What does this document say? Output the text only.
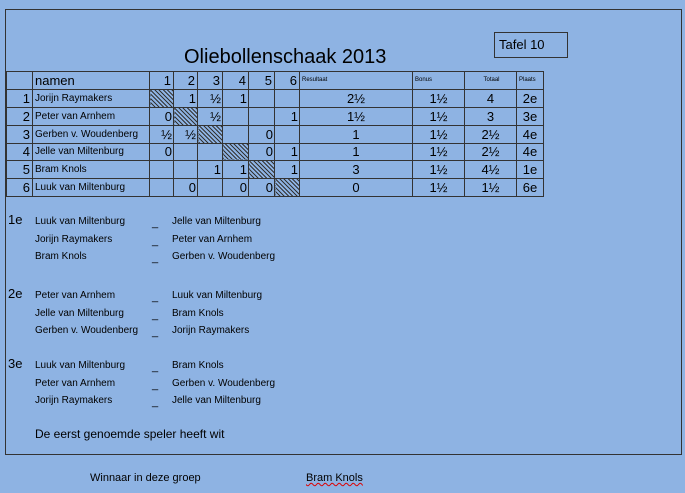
Oliebollenschaak 2013
Tafel 10
	namen	1	2	3	4	5	6	Resultaat	Bonus	Totaal	Plaats
1	Jorijn Raymakers		1	½	1			2½	1½	4	2e
2	Peter van Arnhem	0		½			1	1½	1½	3	3e
3	Gerben v. Woudenberg	½	½			0		1	1½	2½	4e
4	Jelle van Miltenburg	0				0	1	1	1½	2½	4e
5	Bram Knols			1	1		1	3	1½	4½	1e
6	Luuk van Miltenburg		0		0	0		0	1½	1½	6e
1e Luuk van Miltenburg _ Jelle van Miltenburg
Jorijn Raymakers	_ Peter van Arnhem
Bram Knols	_ Gerben v. Woudenberg
2e Peter van Arnhem	_ Luuk van Miltenburg
Jelle van Miltenburg	_ Bram Knols
Gerben v. Woudenberg _ Jorijn Raymakers
3e Luuk van Miltenburg _ Bram Knols
Peter van Arnhem	_ Gerben v. Woudenberg
Jorijn Raymakers	_ Jelle van Miltenburg
De eerst genoemde speler heeft wit
Winnaar in deze groep	Bram Knols
